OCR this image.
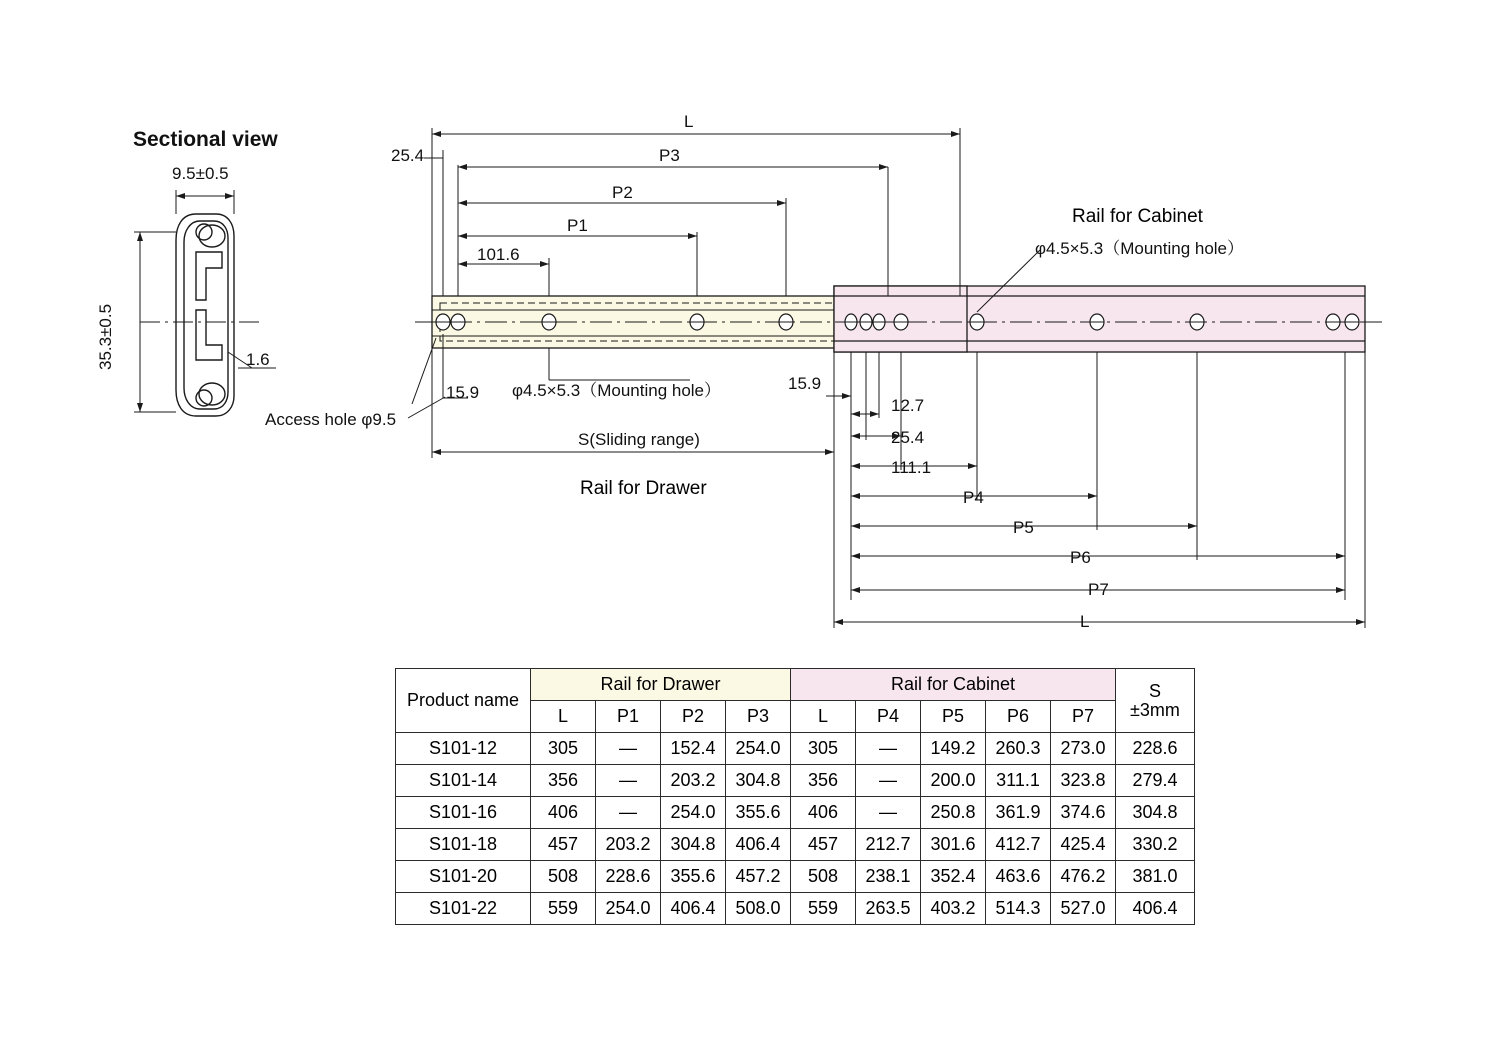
Sectional view
9.5±0.5
35.3±0.5	1.6
Access hole φ9.5
L
P3
P2
P1
101.6
25.4
15.9 φ4.5×5.3（Mounting hole）
S(Sliding range)
Rail for Drawer
Rail for Cabinet
φ4.5×5.3（Mounting hole）
15.9
12.7
25.4
111.1
P4
P5
P6
P7
L
Product name	Rail for Drawer				Rail for Cabinet					S
±3mm

	L	P1	P2	P3	L	P4	P5	P6	P7	
S101-12	305	—	152.4	254.0	305	—	149.2	260.3	273.0	228.6
S101-14	356	—	203.2	304.8	356	—	200.0	311.1	323.8	279.4
S101-16	406	—	254.0	355.6	406	—	250.8	361.9	374.6	304.8
S101-18	457	203.2	304.8	406.4	457	212.7	301.6	412.7	425.4	330.2
S101-20	508	228.6	355.6	457.2	508	238.1	352.4	463.6	476.2	381.0
S101-22	559	254.0	406.4	508.0	559	263.5	403.2	514.3	527.0	406.4
